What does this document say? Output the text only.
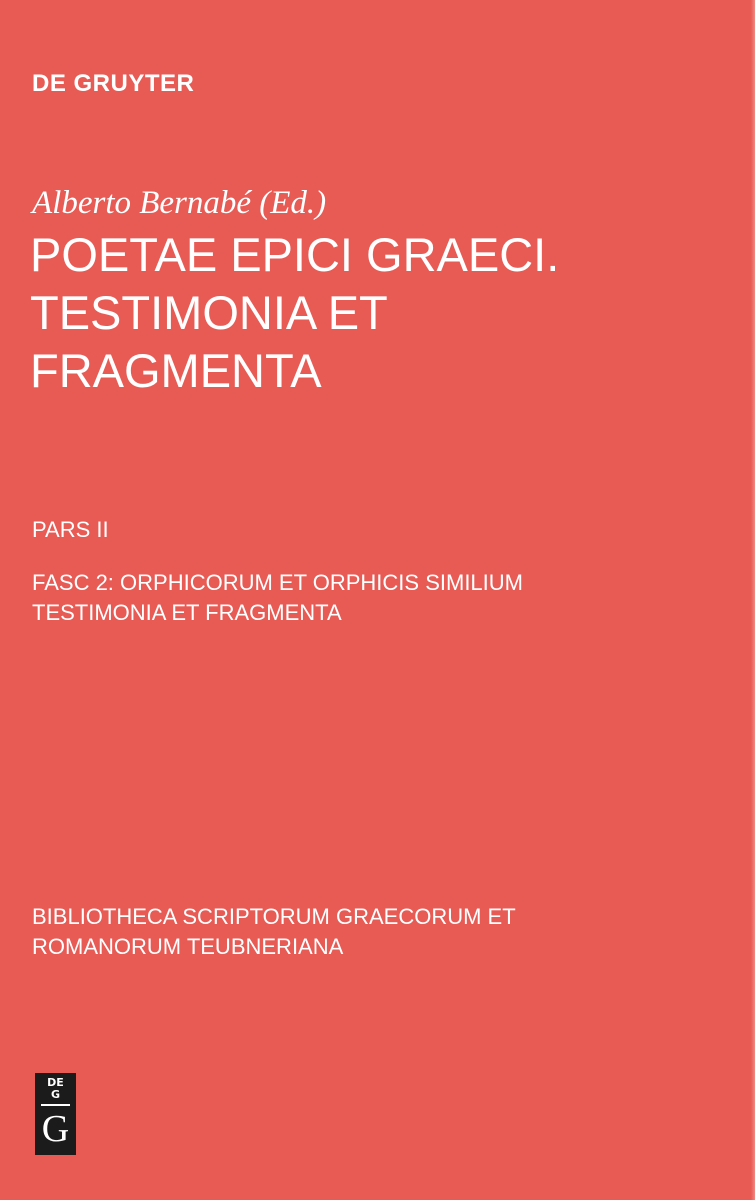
DE GRUYTER

Alberto Bernabé (Ed.)

POETAE EPICI GRAECI.
TESTIMONIA ET
FRAGMENTA

PARS II

FASC 2: ORPHICORUM ET ORPHICIS SIMILIUM
TESTIMONIA ET FRAGMENTA

BIBLIOTHECA SCRIPTORUM GRAECORUM ET
ROMANORUM TEUBNERIANA

DE
G
G
